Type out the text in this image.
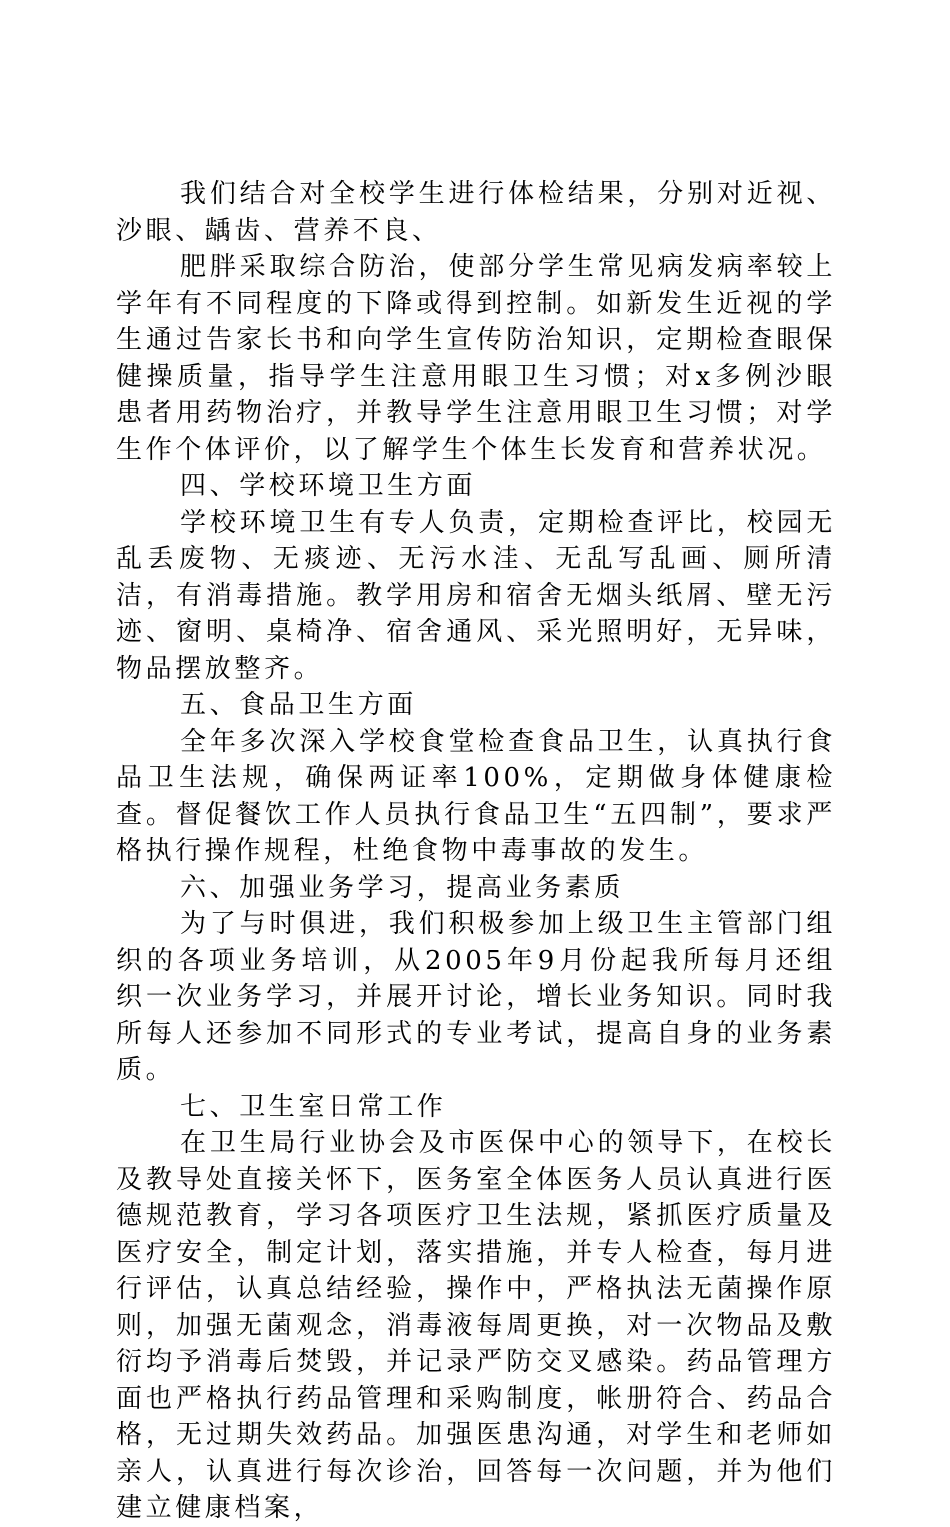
我们结合对全校学生进行体检结果，分别对近视、沙眼、龋齿、营养不良、

肥胖采取综合防治，使部分学生常见病发病率较上学年有不同程度的下降或得到控制。如新发生近视的学生通过告家长书和向学生宣传防治知识，定期检查眼保健操质量，指导学生注意用眼卫生习惯；对x多例沙眼患者用药物治疗，并教导学生注意用眼卫生习惯；对学生作个体评价，以了解学生个体生长发育和营养状况。

四、学校环境卫生方面

学校环境卫生有专人负责，定期检查评比，校园无乱丢废物、无痰迹、无污水洼、无乱写乱画、厕所清洁，有消毒措施。教学用房和宿舍无烟头纸屑、壁无污迹、窗明、桌椅净、宿舍通风、采光照明好，无异味，物品摆放整齐。

五、食品卫生方面

全年多次深入学校食堂检查食品卫生，认真执行食品卫生法规，确保两证率100%，定期做身体健康检查。督促餐饮工作人员执行食品卫生“五四制”，要求严格执行操作规程，杜绝食物中毒事故的发生。

六、加强业务学习，提高业务素质

为了与时俱进，我们积极参加上级卫生主管部门组织的各项业务培训，从2005年9月份起我所每月还组织一次业务学习，并展开讨论，增长业务知识。同时我所每人还参加不同形式的专业考试，提高自身的业务素质。

七、卫生室日常工作

在卫生局行业协会及市医保中心的领导下，在校长及教导处直接关怀下，医务室全体医务人员认真进行医德规范教育，学习各项医疗卫生法规，紧抓医疗质量及医疗安全，制定计划，落实措施，并专人检查，每月进行评估，认真总结经验，操作中，严格执法无菌操作原则，加强无菌观念，消毒液每周更换，对一次物品及敷衍均予消毒后焚毁，并记录严防交叉感染。药品管理方面也严格执行药品管理和采购制度，帐册符合、药品合格，无过期失效药品。加强医患沟通，对学生和老师如亲人，认真进行每次诊治，回答每一次问题，并为他们建立健康档案，
